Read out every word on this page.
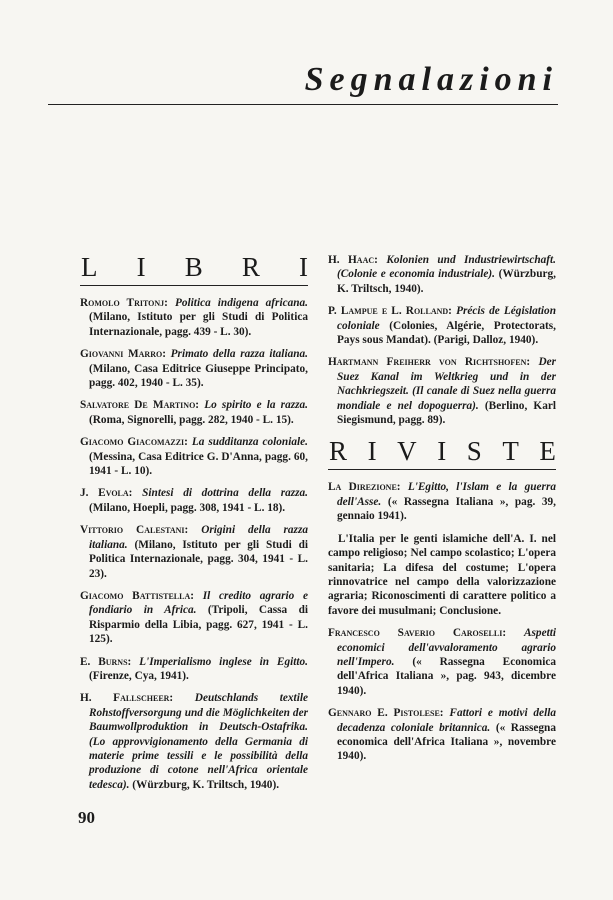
Segnalazioni
L I B R I

Romolo Tritonj: Politica indigena africana. (Milano, Istituto per gli Studi di Politica Internazionale, pagg. 439 - L. 30).

Giovanni Marro: Primato della razza italiana. (Milano, Casa Editrice Giuseppe Principato, pagg. 402, 1940 - L. 35).

Salvatore De Martino: Lo spirito e la razza. (Roma, Signorelli, pagg. 282, 1940 - L. 15).

Giacomo Giacomazzi: La sudditanza coloniale. (Messina, Casa Editrice G. D'Anna, pagg. 60, 1941 - L. 10).

J. Evola: Sintesi di dottrina della razza. (Milano, Hoepli, pagg. 308, 1941 - L. 18).

Vittorio Calestani: Origini della razza italiana. (Milano, Istituto per gli Studi di Politica Internazionale, pagg. 304, 1941 - L. 23).

Giacomo Battistella: Il credito agrario e fondiario in Africa. (Tripoli, Cassa di Risparmio della Libia, pagg. 627, 1941 - L. 125).

E. Burns: L'Imperialismo inglese in Egitto. (Firenze, Cya, 1941).

H. Fallscheer: Deutschlands textile Rohstoffversorgung und die Möglichkeiten der Baumwollproduktion in Deutsch-Ostafrika. (Lo approvvigionamento della Germania di materie prime tessili e le possibilità della produzione di cotone nell'Africa orientale tedesca). (Würzburg, K. Triltsch, 1940).

H. Haac: Kolonien und Industriewirtschaft. (Colonie e economia industriale). (Würzburg, K. Triltsch, 1940).

P. Lampue e L. Rolland: Précis de Législation coloniale (Colonies, Algérie, Protectorats, Pays sous Mandat). (Parigi, Dalloz, 1940).

Hartmann Freiherr von Richtshofen: Der Suez Kanal im Weltkrieg und in der Nachkriegszeit. (Il canale di Suez nella guerra mondiale e nel dopoguerra). (Berlino, Karl Siegismund, pagg. 89).

R I V I S T E

La Direzione: L'Egitto, l'Islam e la guerra dell'Asse. (« Rassegna Italiana », pag. 39, gennaio 1941).

L'Italia per le genti islamiche dell'A. I. nel campo religioso; Nel campo scolastico; L'opera sanitaria; La difesa del costume; L'opera rinnovatrice nel campo della valorizzazione agraria; Riconoscimenti di carattere politico a favore dei musulmani; Conclusione.

Francesco Saverio Caroselli: Aspetti economici dell'avvaloramento agrario nell'Impero. (« Rassegna Economica dell'Africa Italiana », pag. 943, dicembre 1940).

Gennaro E. Pistolese: Fattori e motivi della decadenza coloniale britannica. (« Rassegna economica dell'Africa Italiana », novembre 1940).

90
